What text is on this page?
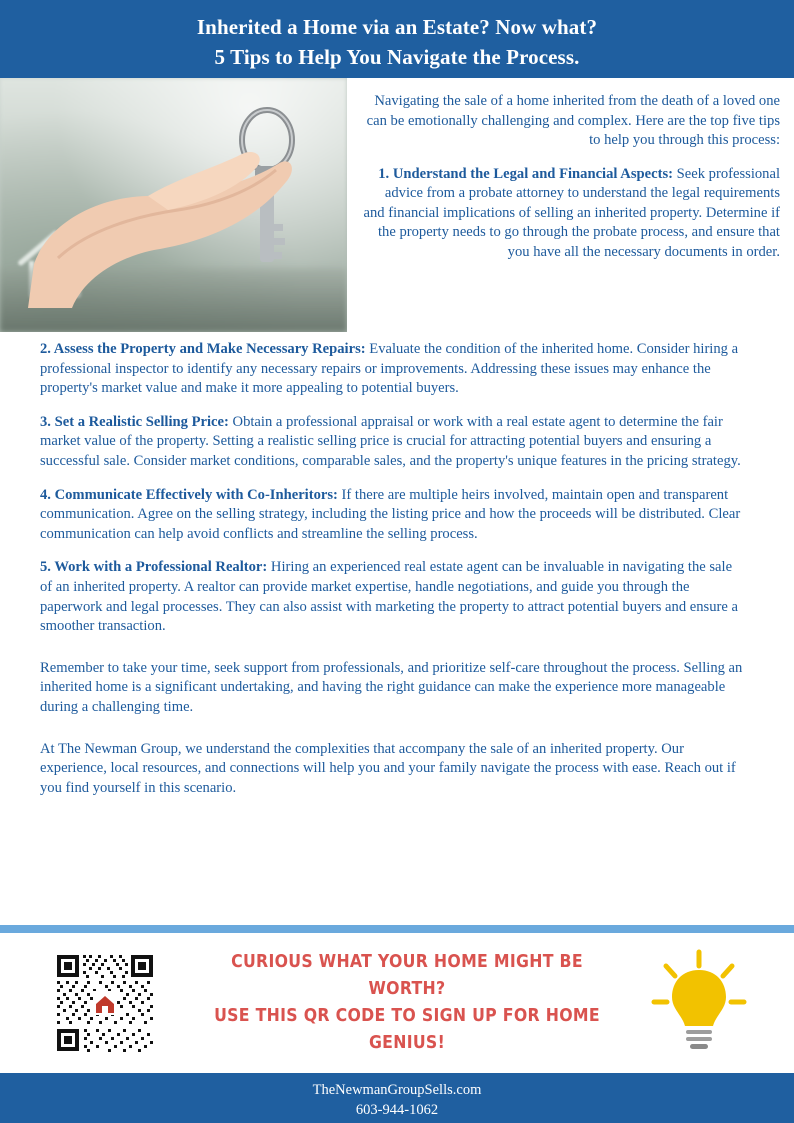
Inherited a Home via an Estate? Now what?
5 Tips to Help You Navigate the Process.

Navigating the sale of a home inherited from the death of a loved one can be emotionally challenging and complex. Here are the top five tips to help you through this process:

1. Understand the Legal and Financial Aspects: Seek professional advice from a probate attorney to understand the legal requirements and financial implications of selling an inherited property. Determine if the property needs to go through the probate process, and ensure that you have all the necessary documents in order.

2. Assess the Property and Make Necessary Repairs: Evaluate the condition of the inherited home. Consider hiring a professional inspector to identify any necessary repairs or improvements. Addressing these issues may enhance the property's market value and make it more appealing to potential buyers.

3. Set a Realistic Selling Price: Obtain a professional appraisal or work with a real estate agent to determine the fair market value of the property. Setting a realistic selling price is crucial for attracting potential buyers and ensuring a successful sale. Consider market conditions, comparable sales, and the property's unique features in the pricing strategy.

4. Communicate Effectively with Co-Inheritors: If there are multiple heirs involved, maintain open and transparent communication. Agree on the selling strategy, including the listing price and how the proceeds will be distributed. Clear communication can help avoid conflicts and streamline the selling process.

5. Work with a Professional Realtor: Hiring an experienced real estate agent can be invaluable in navigating the sale of an inherited property. A realtor can provide market expertise, handle negotiations, and guide you through the paperwork and legal processes. They can also assist with marketing the property to attract potential buyers and ensure a smoother transaction.

Remember to take your time, seek support from professionals, and prioritize self-care throughout the process. Selling an inherited home is a significant undertaking, and having the right guidance can make the experience more manageable during a challenging time.

At The Newman Group, we understand the complexities that accompany the sale of an inherited property. Our experience, local resources, and connections will help you and your family navigate the process with ease. Reach out if you find yourself in this scenario.

CURIOUS WHAT YOUR HOME MIGHT BE WORTH?
USE THIS QR CODE TO SIGN UP FOR HOME GENIUS!
TheNewmanGroupSells.com
603-944-1062
